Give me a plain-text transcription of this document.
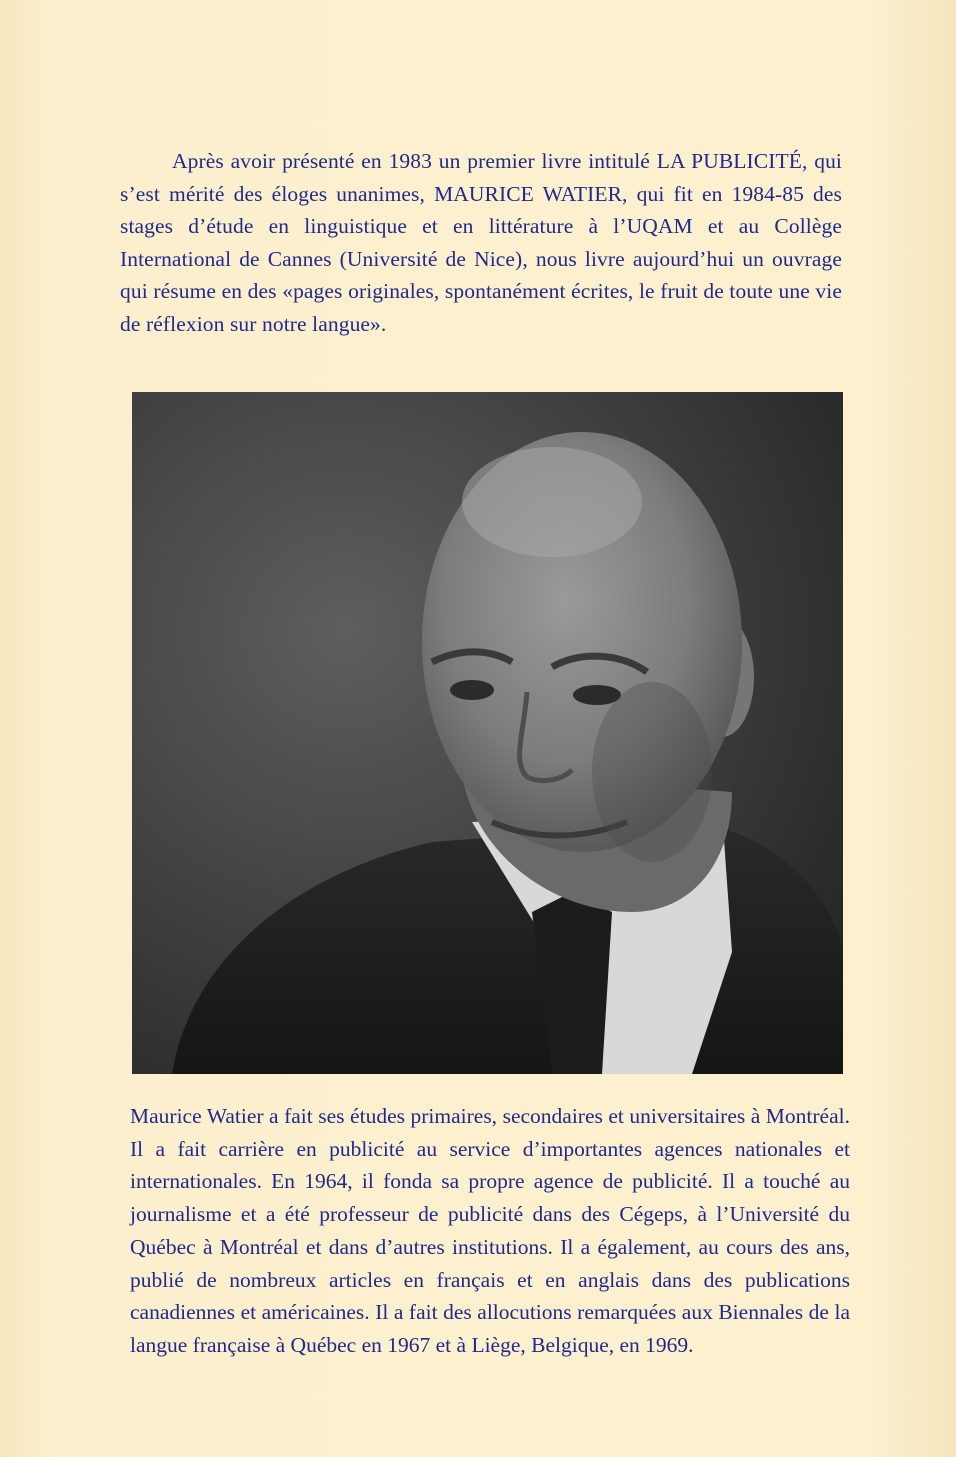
Après avoir présenté en 1983 un premier livre intitulé LA PUBLICITÉ, qui s’est mérité des éloges unanimes, MAURICE WATIER, qui fit en 1984-85 des stages d’étude en linguistique et en littérature à l’UQAM et au Collège International de Cannes (Université de Nice), nous livre aujourd’hui un ouvrage qui résume en des «pages originales, spontanément écrites, le fruit de toute une vie de réflexion sur notre langue».

Maurice Watier a fait ses études primaires, secondaires et universitaires à Montréal. Il a fait carrière en publicité au service d’importantes agences nationales et internationales. En 1964, il fonda sa propre agence de publicité. Il a touché au journalisme et a été professeur de publicité dans des Cégeps, à l’Université du Québec à Montréal et dans d’autres institutions. Il a également, au cours des ans, publié de nombreux articles en français et en anglais dans des publications canadiennes et américaines. Il a fait des allocutions remarquées aux Biennales de la langue française à Québec en 1967 et à Liège, Belgique, en 1969.
